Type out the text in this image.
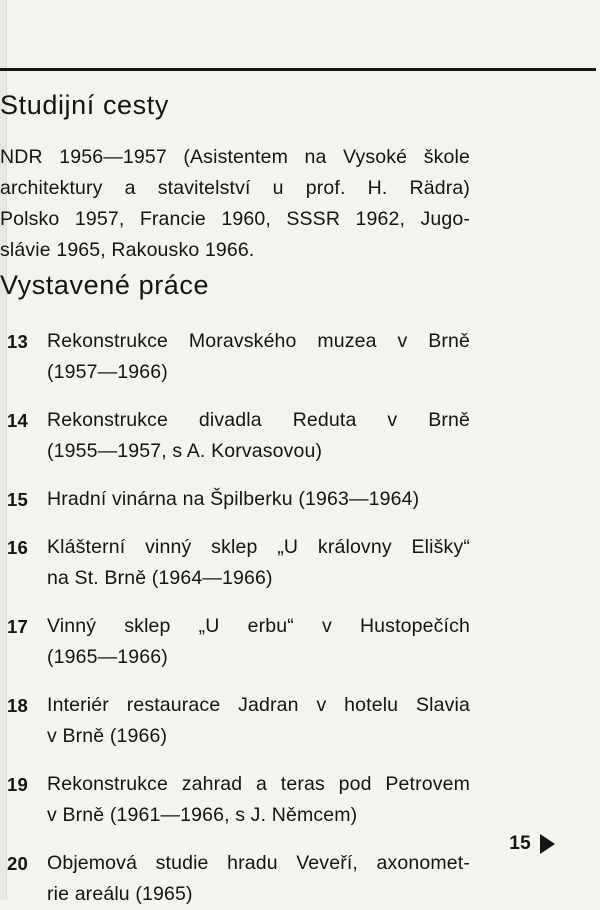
Studijní cesty

NDR 1956—1957 (Asistentem na Vysoké škole
architektury a stavitelství u prof. H. Rädra)
Polsko 1957, Francie 1960, SSSR 1962, Jugo-
slávie 1965, Rakousko 1966.

Vystavené práce
13 Rekonstrukce Moravského muzea v Brně
(1957—1966)
14 Rekonstrukce divadla Reduta v Brně
(1955—1957, s A. Korvasovou)
15 Hradní vinárna na Špilberku (1963—1964)
16 Klášterní vinný sklep „U královny Elišky“
na St. Brně (1964—1966)
17 Vinný sklep „U erbu“ v Hustopečích
(1965—1966)
18 Interiér restaurace Jadran v hotelu Slavia
v Brně (1966)
19 Rekonstrukce zahrad a teras pod Petrovem
v Brně (1961—1966, s J. Němcem)
20 Objemová studie hradu Veveří, axonomet-
rie areálu (1965)
15
